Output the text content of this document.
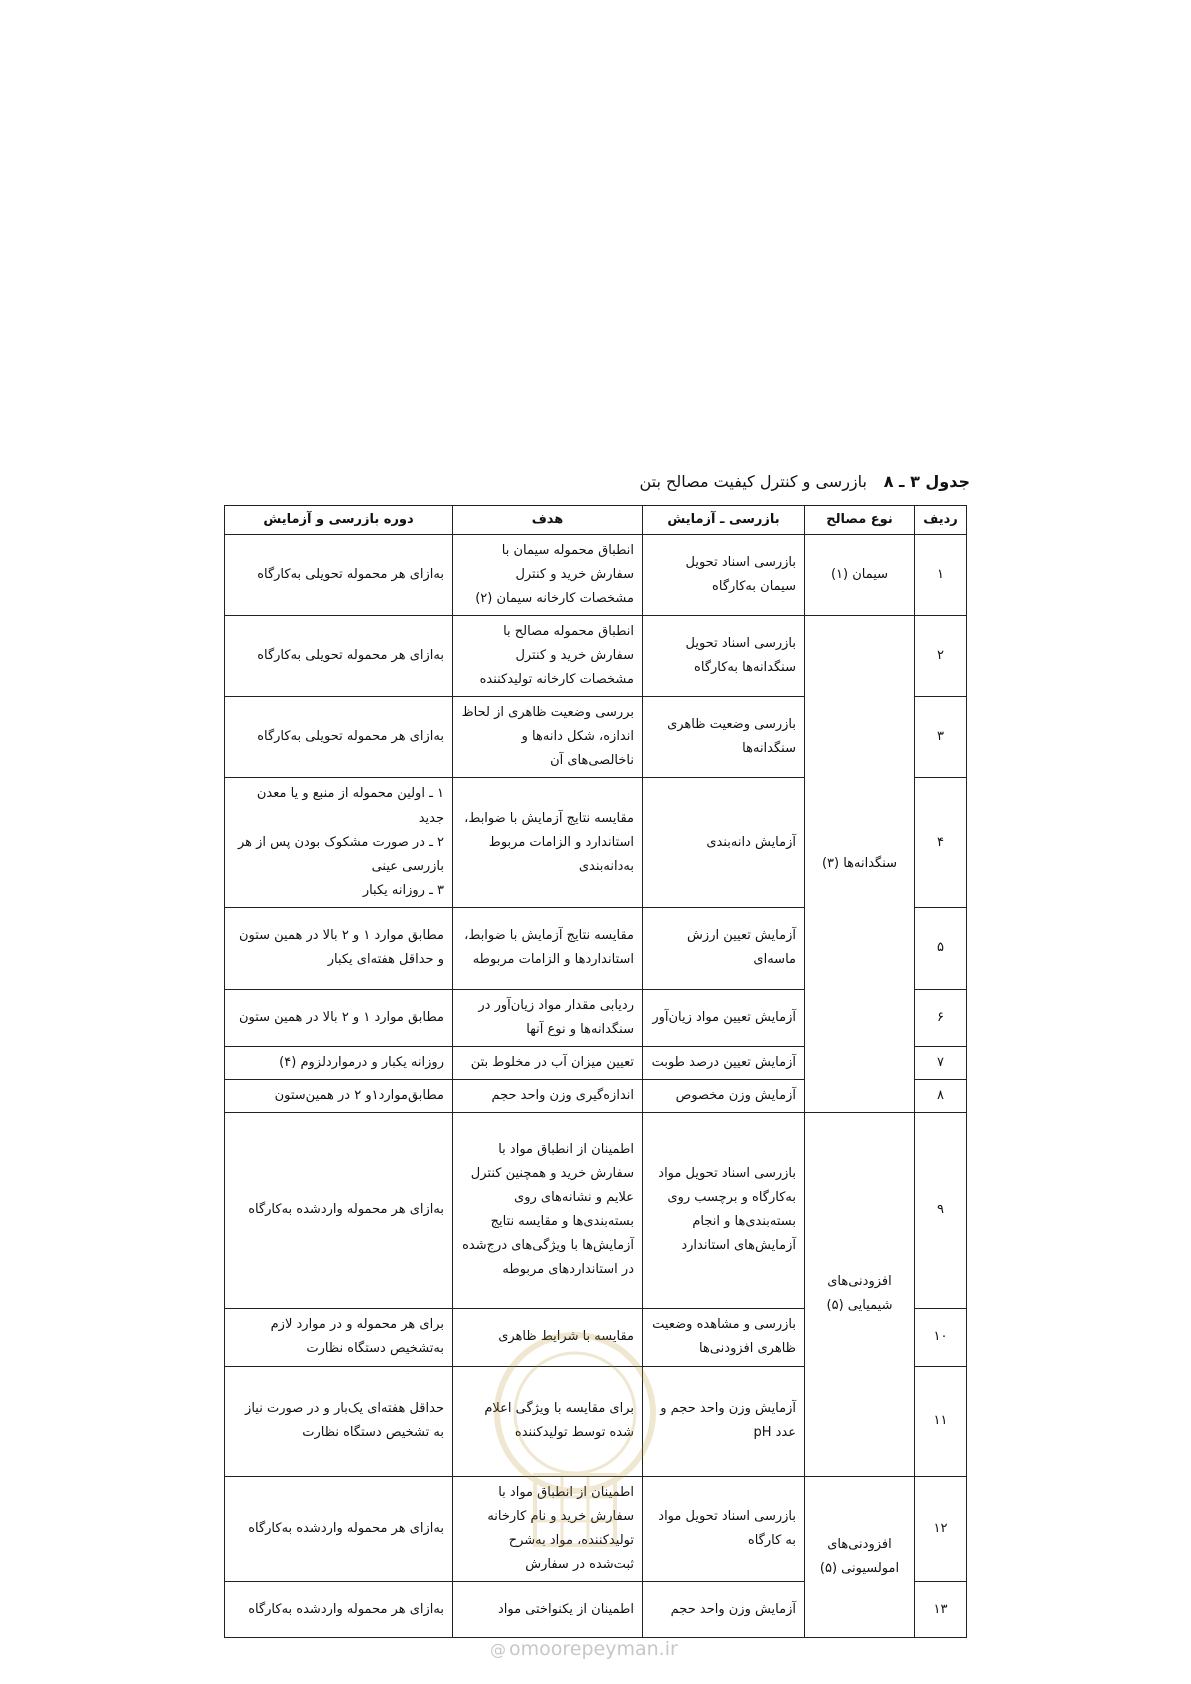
جدول ۳ ـ ۸   بازرسی و کنترل کیفیت مصالح بتن
ردیف	نوع مصالح	بازرسی ـ آزمایش	هدف	دوره بازرسی و آزمایش
۱	سیمان (۱)	بازرسی اسناد تحویل سیمان به‌کارگاه	انطباق محموله سیمان با سفارش خرید و کنترل مشخصات کارخانه سیمان (۲)	به‌ازای هر محموله تحویلی به‌کارگاه
۲	سنگدانه‌ها (۳)	بازرسی اسناد تحویل سنگدانه‌ها به‌کارگاه	انطباق محموله مصالح با سفارش خرید و کنترل مشخصات کارخانه تولیدکننده	به‌ازای هر محموله تحویلی به‌کارگاه
۳		بازرسی وضعیت ظاهری سنگدانه‌ها	بررسی وضعیت ظاهری از لحاظ اندازه، شکل دانه‌ها و ناخالصی‌های آن	به‌ازای هر محموله تحویلی به‌کارگاه
۴		آزمایش دانه‌بندی	مقایسه نتایج آزمایش با ضوابط، استاندارد و الزامات مربوط به‌دانه‌بندی	۱ ـ اولین محموله از منبع و یا معدن جدید
۲ ـ در صورت مشکوک بودن پس از هر بازرسی عینی
۳ ـ روزانه یکبار

۵		آزمایش تعیین ارزش ماسه‌ای	مقایسه نتایج آزمایش با ضوابط، استانداردها و الزامات مربوطه	مطابق موارد ۱ و ۲ بالا در همین ستون و حداقل هفته‌ای یکبار
۶		آزمایش تعیین مواد زیان‌آور	ردیابی مقدار مواد زیان‌آور در سنگدانه‌ها و نوع آنها	مطابق موارد ۱ و ۲ بالا در همین ستون
۷		آزمایش تعیین درصد طوبت	تعیین میزان آب در مخلوط بتن	روزانه یکبار و درمواردلزوم (۴)
۸		آزمایش وزن مخصوص	اندازه‌گیری وزن واحد حجم	مطابق‌موارد۱و ۲ در همین‌ستون
۹	افزودنی‌های شیمیایی (۵)	بازرسی اسناد تحویل مواد به‌کارگاه و برچسب روی بسته‌بندی‌ها و انجام آزمایش‌های استاندارد	اطمینان از انطباق مواد با سفارش خرید و همچنین کنترل علایم و نشانه‌های روی بسته‌بندی‌ها و مقایسه نتایج آزمایش‌ها با ویژگی‌های درج‌شده در استانداردهای مربوطه	به‌ازای هر محموله واردشده به‌کارگاه
۱۰		بازرسی و مشاهده وضعیت ظاهری افزودنی‌ها	مقایسه با شرایط ظاهری	برای هر محموله و در موارد لازم به‌تشخیص دستگاه نظارت
۱۱		آزمایش وزن واحد حجم و عدد pH	برای مقایسه با ویژگی اعلام شده توسط تولیدکننده	حداقل هفته‌ای یک‌بار و در صورت نیاز به تشخیص دستگاه نظارت
۱۲	افزودنی‌های امولسیونی (۵)	بازرسی اسناد تحویل مواد به کارگاه	اطمینان از انطباق مواد با سفارش خرید و نام کارخانه تولیدکننده، مواد به‌شرح ثبت‌شده در سفارش	به‌ازای هر محموله واردشده به‌کارگاه
۱۳		آزمایش وزن واحد حجم	اطمینان از یکنواختی مواد	به‌ازای هر محموله واردشده به‌کارگاه
@ omoorepeyman.ir
